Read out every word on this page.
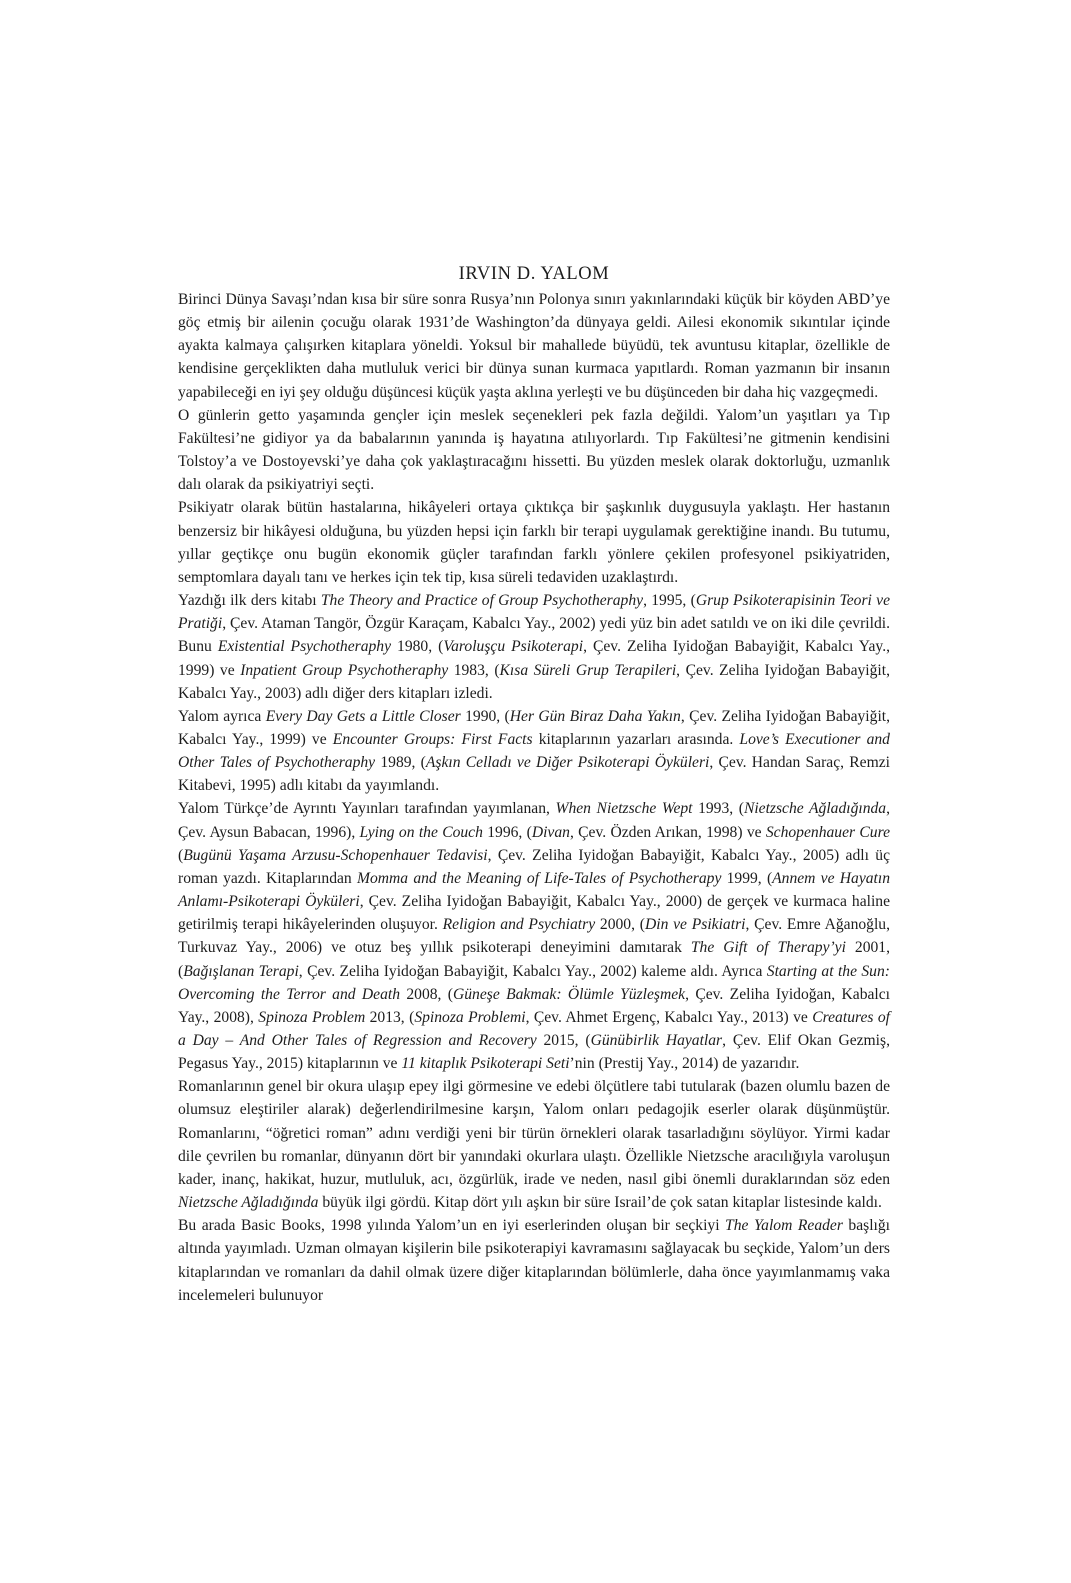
IRVIN D. YALOM

Birinci Dünya Savaşı’ndan kısa bir süre sonra Rusya’nın Polonya sınırı yakınlarındaki küçük bir köyden ABD’ye göç etmiş bir ailenin çocuğu olarak 1931’de Washington’da dünyaya geldi. Ailesi ekonomik sıkıntılar içinde ayakta kalmaya çalışırken kitaplara yöneldi. Yoksul bir mahallede büyüdü, tek avuntusu kitaplar, özellikle de kendisine gerçeklikten daha mutluluk verici bir dünya sunan kurmaca yapıtlardı. Roman yazmanın bir insanın yapabileceği en iyi şey olduğu düşüncesi küçük yaşta aklına yerleşti ve bu düşünceden bir daha hiç vazgeçmedi.

O günlerin getto yaşamında gençler için meslek seçenekleri pek fazla değildi. Yalom’un yaşıtları ya Tıp Fakültesi’ne gidiyor ya da babalarının yanında iş hayatına atılıyorlardı. Tıp Fakültesi’ne gitmenin kendisini Tolstoy’a ve Dostoyevski’ye daha çok yaklaştıracağını hissetti. Bu yüzden meslek olarak doktorluğu, uzmanlık dalı olarak da psikiyatriyi seçti.

Psikiyatr olarak bütün hastalarına, hikâyeleri ortaya çıktıkça bir şaşkınlık duygusuyla yaklaştı. Her hastanın benzersiz bir hikâyesi olduğuna, bu yüzden hepsi için farklı bir terapi uygulamak gerektiğine inandı. Bu tutumu, yıllar geçtikçe onu bugün ekonomik güçler tarafından farklı yönlere çekilen profesyonel psikiyatriden, semptomlara dayalı tanı ve herkes için tek tip, kısa süreli tedaviden uzaklaştırdı.

Yazdığı ilk ders kitabı The Theory and Practice of Group Psychotheraphy, 1995, (Grup Psikoterapisinin Teori ve Pratiği, Çev. Ataman Tangör, Özgür Karaçam, Kabalcı Yay., 2002) yedi yüz bin adet satıldı ve on iki dile çevrildi. Bunu Existential Psychotheraphy 1980, (Varoluşçu Psikoterapi, Çev. Zeliha Iyidoğan Babayiğit, Kabalcı Yay., 1999) ve Inpatient Group Psychotheraphy 1983, (Kısa Süreli Grup Terapileri, Çev. Zeliha Iyidoğan Babayiğit, Kabalcı Yay., 2003) adlı diğer ders kitapları izledi.

Yalom ayrıca Every Day Gets a Little Closer 1990, (Her Gün Biraz Daha Yakın, Çev. Zeliha Iyidoğan Babayiğit, Kabalcı Yay., 1999) ve Encounter Groups: First Facts kitaplarının yazarları arasında. Love’s Executioner and Other Tales of Psychotheraphy 1989, (Aşkın Celladı ve Diğer Psikoterapi Öyküleri, Çev. Handan Saraç, Remzi Kitabevi, 1995) adlı kitabı da yayımlandı.

Yalom Türkçe’de Ayrıntı Yayınları tarafından yayımlanan, When Nietzsche Wept 1993, (Nietzsche Ağladığında, Çev. Aysun Babacan, 1996), Lying on the Couch 1996, (Divan, Çev. Özden Arıkan, 1998) ve Schopenhauer Cure (Bugünü Yaşama Arzusu-Schopenhauer Tedavisi, Çev. Zeliha Iyidoğan Babayiğit, Kabalcı Yay., 2005) adlı üç roman yazdı. Kitaplarından Momma and the Meaning of Life-Tales of Psychotherapy 1999, (Annem ve Hayatın Anlamı-Psikoterapi Öyküleri, Çev. Zeliha Iyidoğan Babayiğit, Kabalcı Yay., 2000) de gerçek ve kurmaca haline getirilmiş terapi hikâyelerinden oluşuyor. Religion and Psychiatry 2000, (Din ve Psikiatri, Çev. Emre Ağanoğlu, Turkuvaz Yay., 2006) ve otuz beş yıllık psikoterapi deneyimini damıtarak The Gift of Therapy’yi 2001, (Bağışlanan Terapi, Çev. Zeliha Iyidoğan Babayiğit, Kabalcı Yay., 2002) kaleme aldı. Ayrıca Starting at the Sun: Overcoming the Terror and Death 2008, (Güneşe Bakmak: Ölümle Yüzleşmek, Çev. Zeliha Iyidoğan, Kabalcı Yay., 2008), Spinoza Problem 2013, (Spinoza Problemi, Çev. Ahmet Ergenç, Kabalcı Yay., 2013) ve Creatures of a Day – And Other Tales of Regression and Recovery 2015, (Günübirlik Hayatlar, Çev. Elif Okan Gezmiş, Pegasus Yay., 2015) kitaplarının ve 11 kitaplık Psikoterapi Seti’nin (Prestij Yay., 2014) de yazarıdır.

Romanlarının genel bir okura ulaşıp epey ilgi görmesine ve edebi ölçütlere tabi tutularak (bazen olumlu bazen de olumsuz eleştiriler alarak) değerlendirilmesine karşın, Yalom onları pedagojik eserler olarak düşünmüştür. Romanlarını, “öğretici roman” adını verdiği yeni bir türün örnekleri olarak tasarladığını söylüyor. Yirmi kadar dile çevrilen bu romanlar, dünyanın dört bir yanındaki okurlara ulaştı. Özellikle Nietzsche aracılığıyla varoluşun kader, inanç, hakikat, huzur, mutluluk, acı, özgürlük, irade ve neden, nasıl gibi önemli duraklarından söz eden Nietzsche Ağladığında büyük ilgi gördü. Kitap dört yılı aşkın bir süre Israil’de çok satan kitaplar listesinde kaldı.

Bu arada Basic Books, 1998 yılında Yalom’un en iyi eserlerinden oluşan bir seçkiyi The Yalom Reader başlığı altında yayımladı. Uzman olmayan kişilerin bile psikoterapiyi kavramasını sağlayacak bu seçkide, Yalom’un ders kitaplarından ve romanları da dahil olmak üzere diğer kitaplarından bölümlerle, daha önce yayımlanmamış vaka incelemeleri bulunuyor
